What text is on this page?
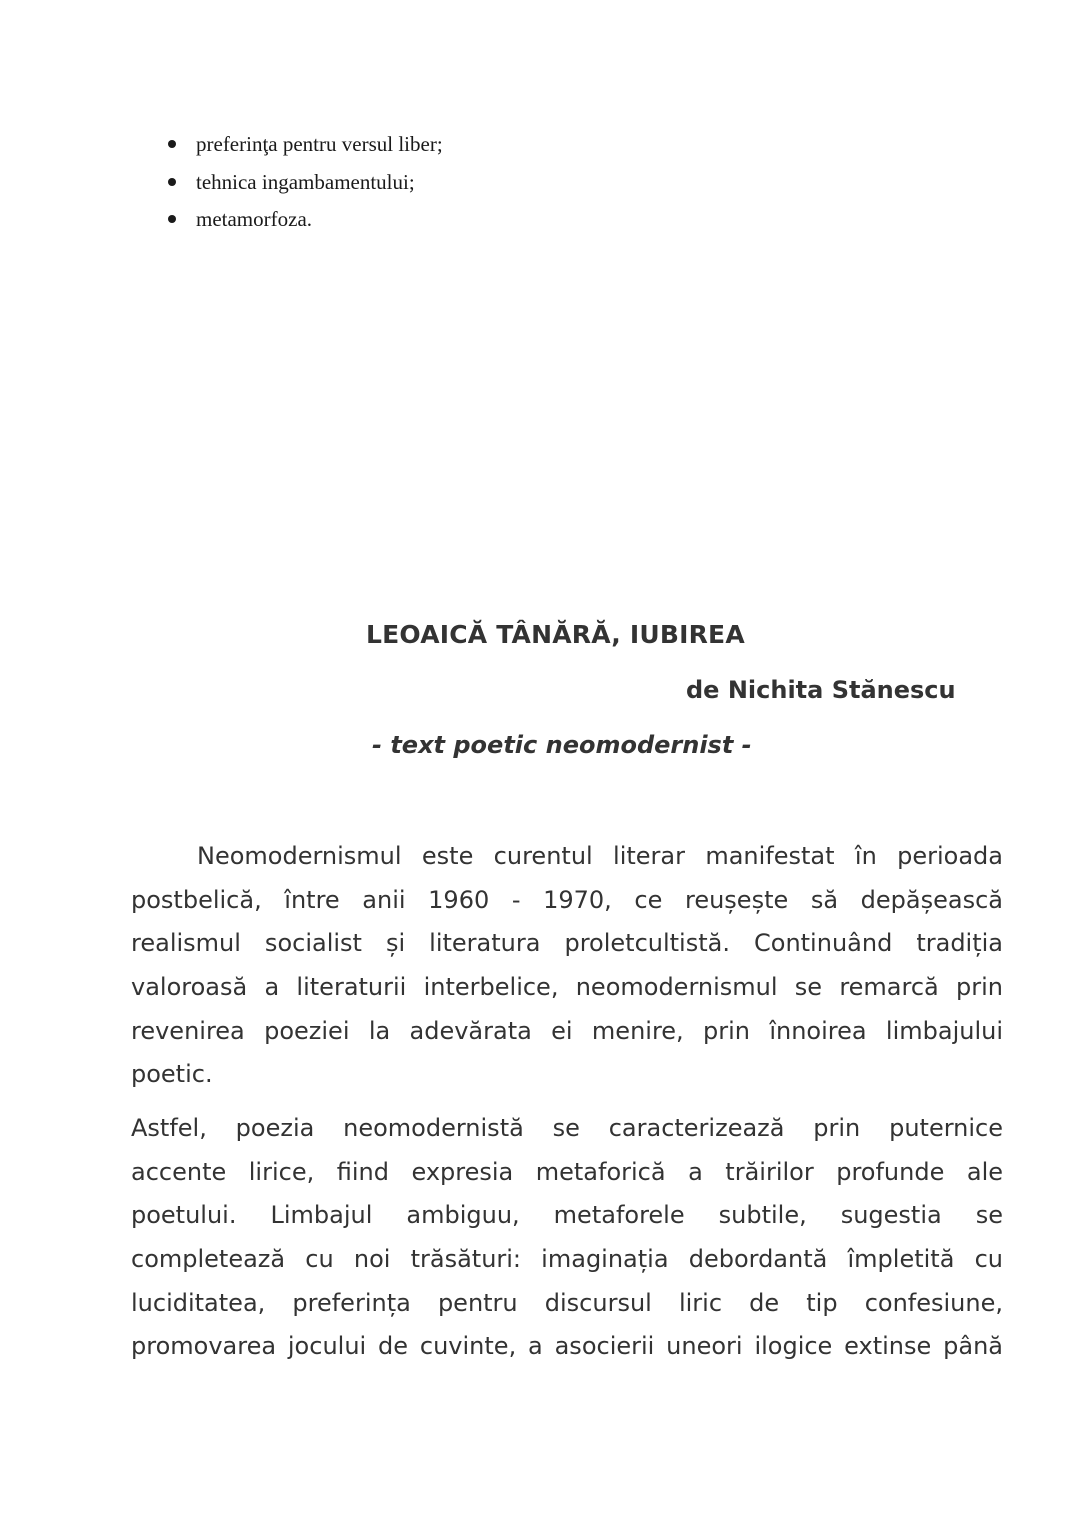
preferinţa pentru versul liber;
tehnica ingambamentului;
metamorfoza.
LEOAICĂ TÂNĂRĂ, IUBIREA
de Nichita Stănescu
- text poetic neomodernist -
Neomodernismul este curentul literar manifestat în perioada
postbelică, între anii 1960 - 1970, ce reușește să depășească
realismul socialist și literatura proletcultistă. Continuând tradiția
valoroasă a literaturii interbelice, neomodernismul se remarcă prin
revenirea poeziei la adevărata ei menire, prin înnoirea limbajului
poetic.
Astfel, poezia neomodernistă se caracterizează prin puternice
accente lirice, fiind expresia metaforică a trăirilor profunde ale
poetului. Limbajul ambiguu, metaforele subtile, sugestia se
completează cu noi trăsături: imaginația debordantă împletită cu
luciditatea, preferința pentru discursul liric de tip confesiune,
promovarea jocului de cuvinte, a asocierii uneori ilogice extinse până
